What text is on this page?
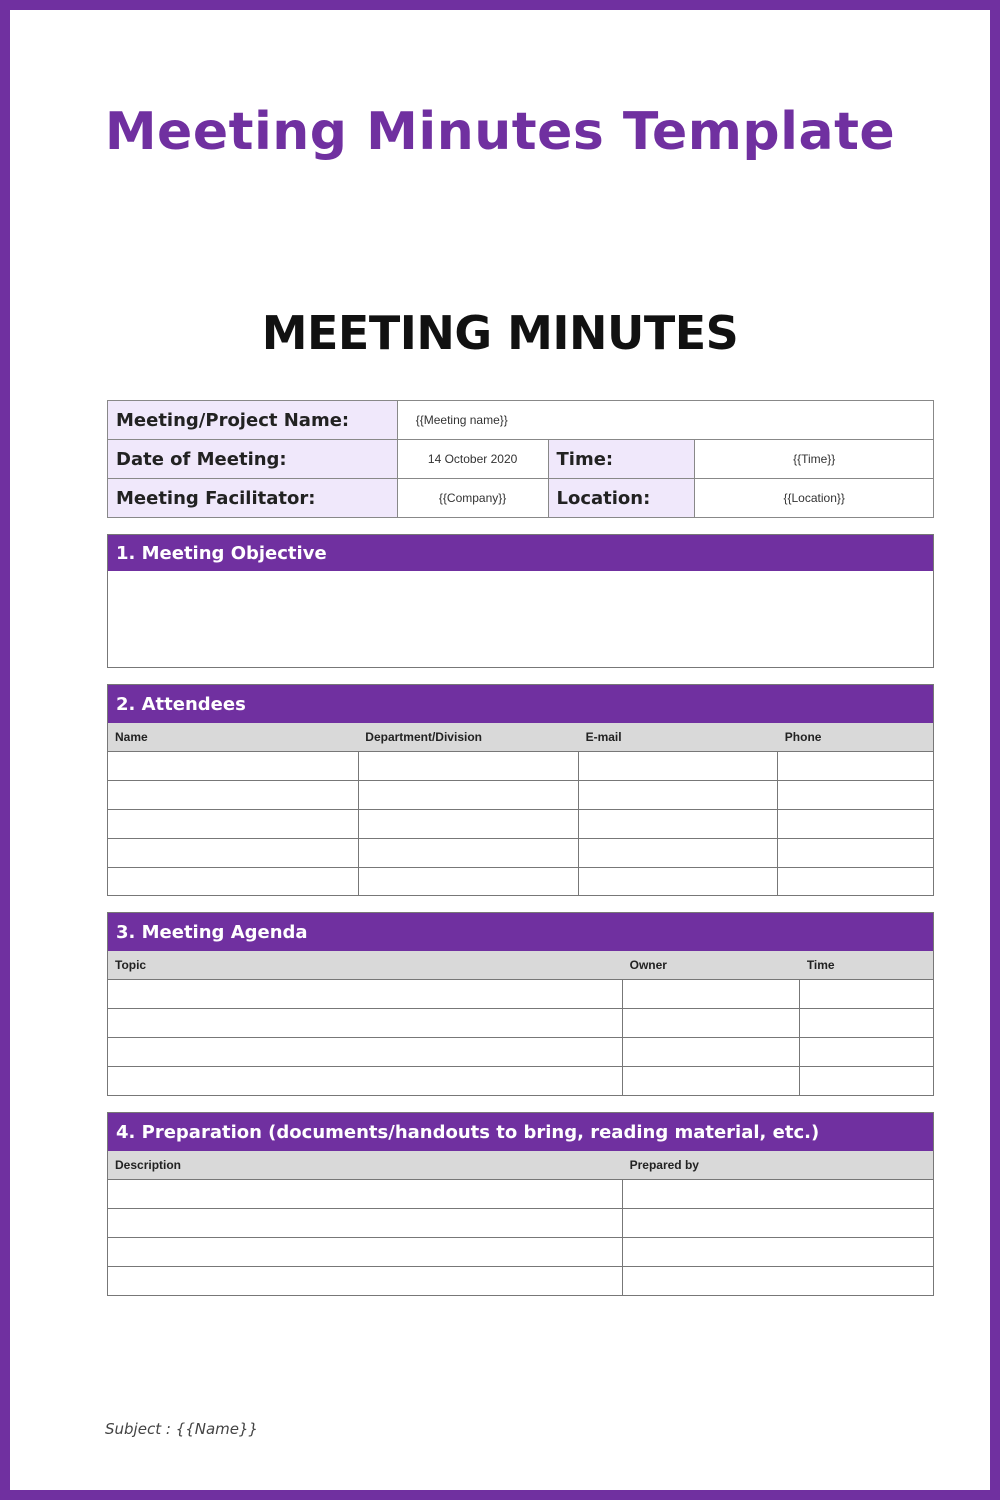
Meeting Minutes Template
MEETING MINUTES
Meeting/Project Name:	{{Meeting name}}		
Date of Meeting:	14 October 2020	Time:	{{Time}}
Meeting Facilitator:	{{Company}}	Location:	{{Location}}
1. Meeting Objective
2. Attendees
Name	Department/Division	E-mail	Phone

3. Meeting Agenda
Topic	Owner	Time

4. Preparation (documents/handouts to bring, reading material, etc.)
Description	Prepared by

Subject : {{Name}}
